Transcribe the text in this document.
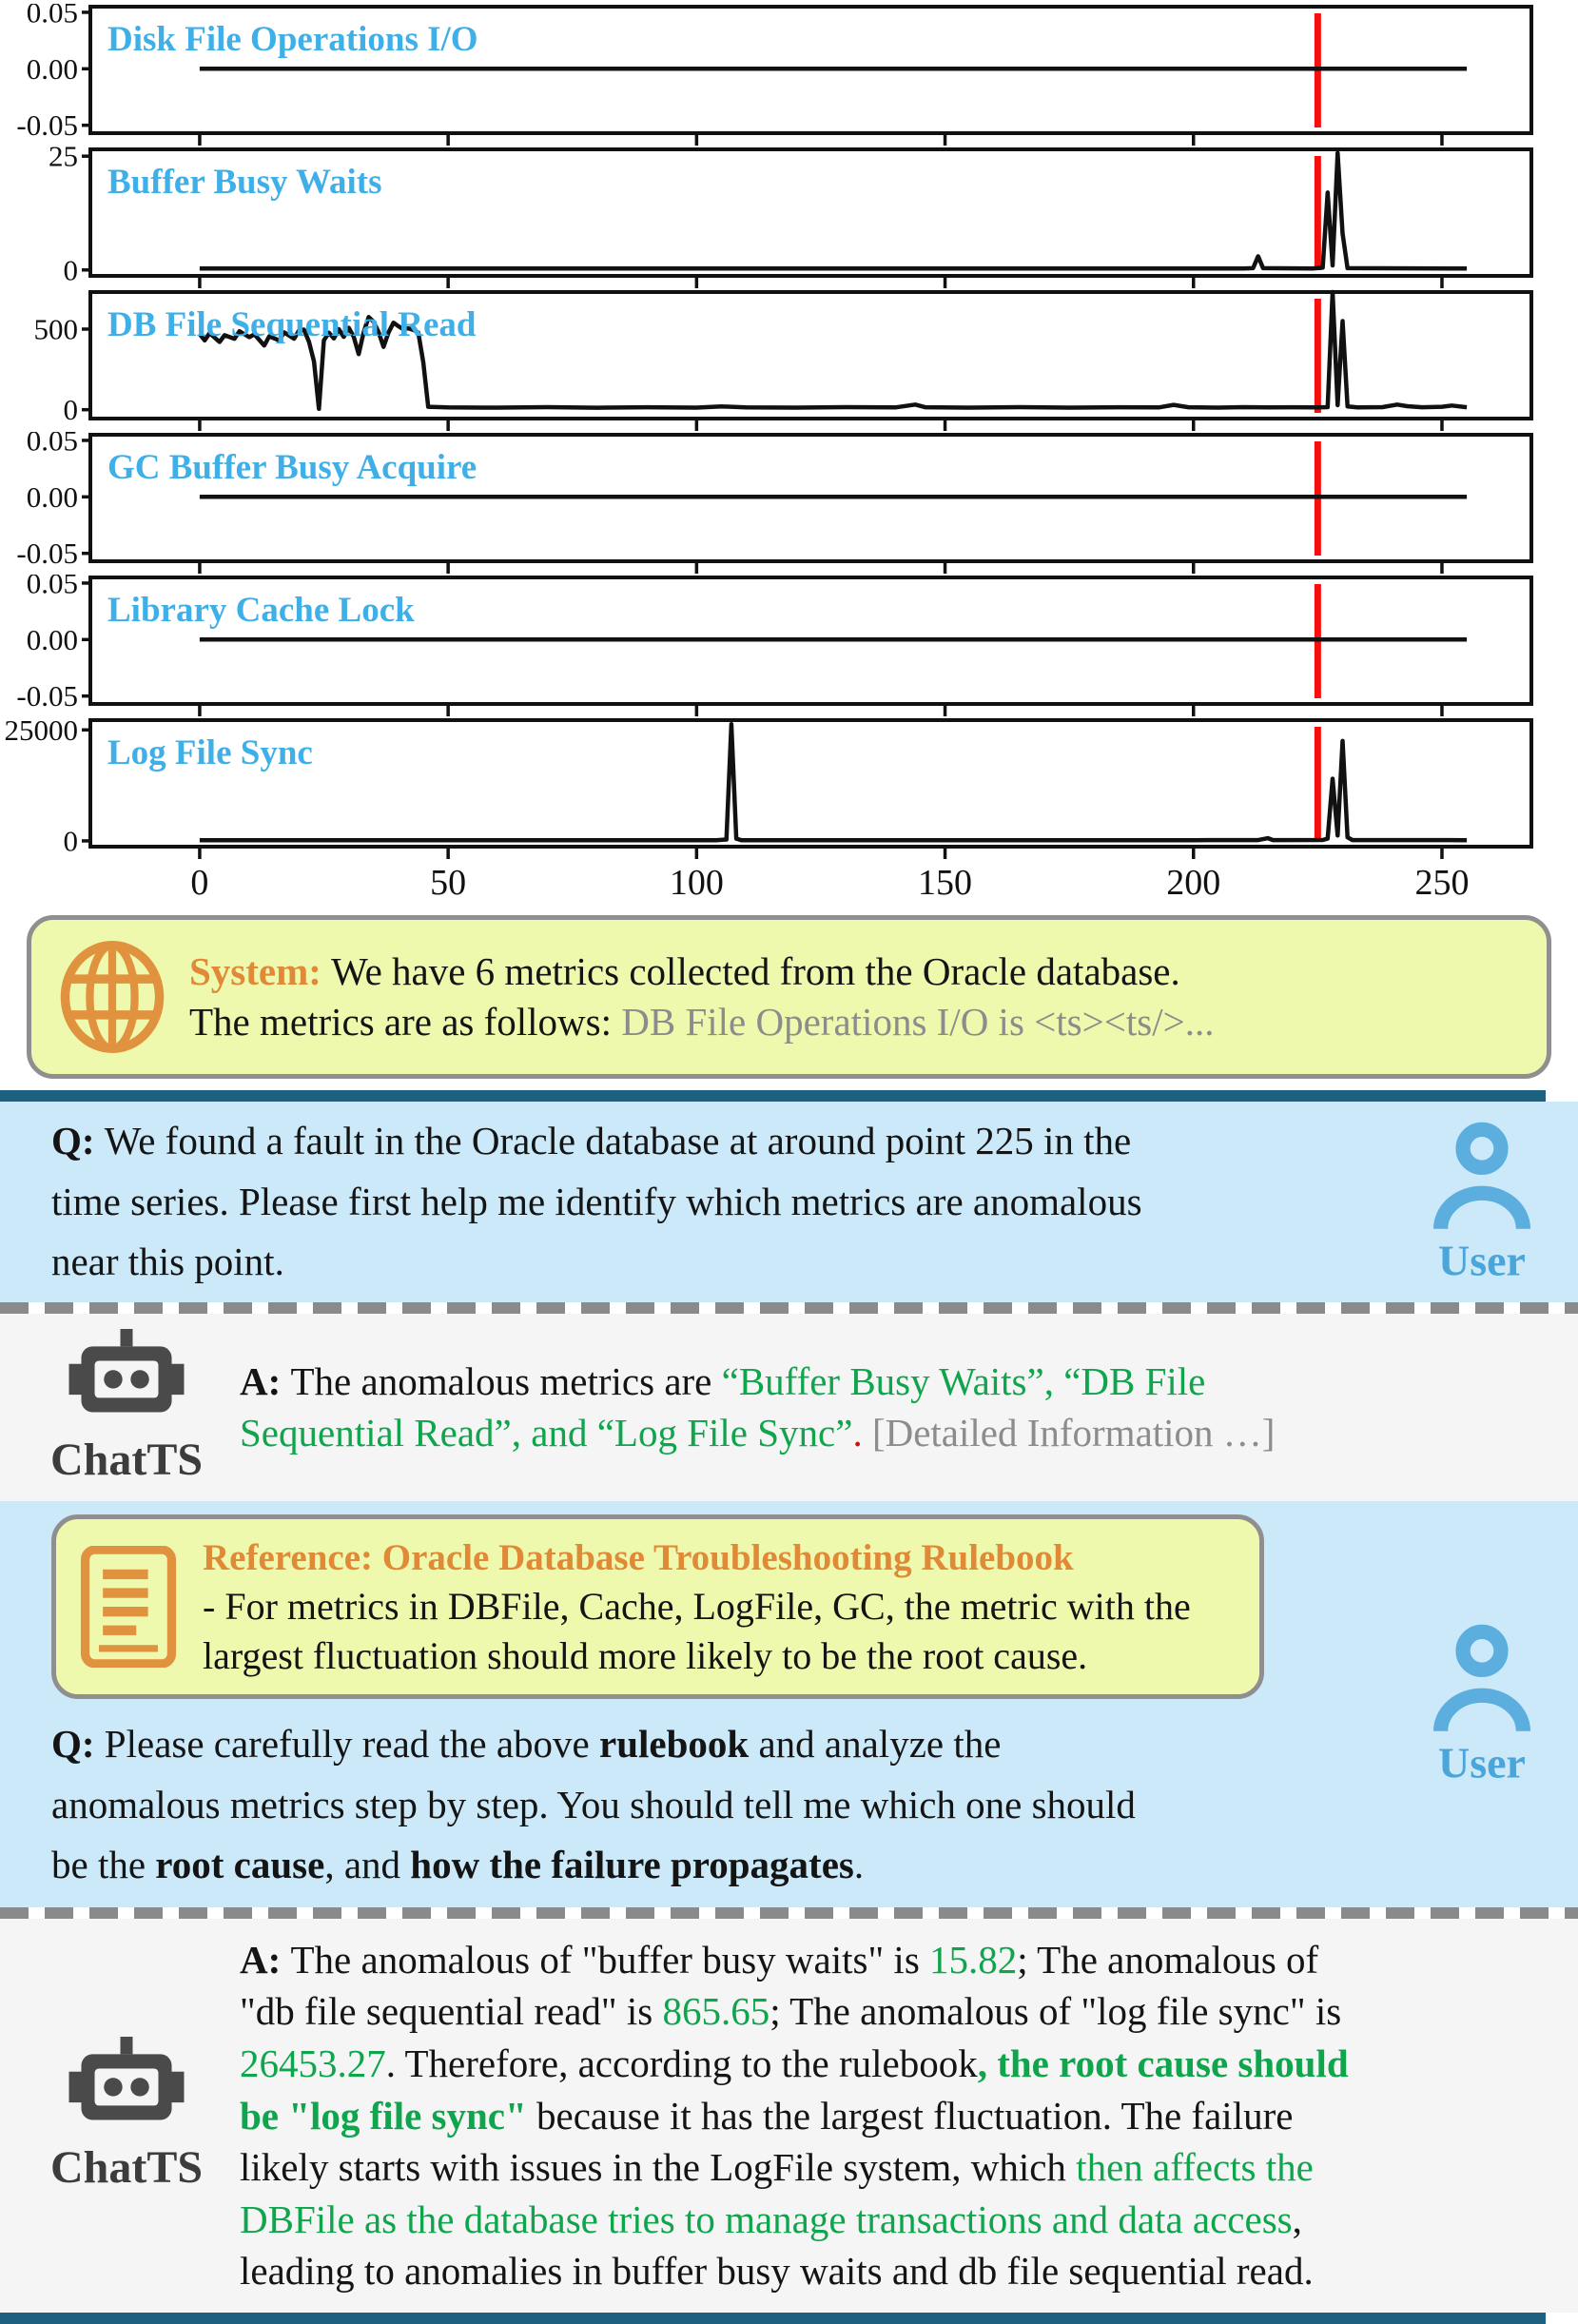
0.05
0.00
-0.05
Disk File Operations I/O
25
0
Buffer Busy Waits
500
0
DB File Sequential Read
0.05
0.00
-0.05
GC Buffer Busy Acquire
0.05
0.00
-0.05
Library Cache Lock
25000
0
0	50	100	150	200	250
Log File Sync
System: We have 6 metrics collected from the Oracle database.
The metrics are as follows: DB File Operations I/O is <ts><ts/>...
Q: We found a fault in the Oracle database at around point 225 in the
time series. Please first help me identify which metrics are anomalous
near this point.	User
ChatTS
A: The anomalous metrics are “Buffer Busy Waits”, “DB File
Sequential Read”, and “Log File Sync”. [Detailed Information …]
Reference: Oracle Database Troubleshooting Rulebook
- For metrics in DBFile, Cache, LogFile, GC, the metric with the
largest fluctuation should more likely to be the root cause.
Q: Please carefully read the above rulebook and analyze the
anomalous metrics step by step. You should tell me which one should
be the root cause, and how the failure propagates.
User
ChatTS
A: The anomalous of "buffer busy waits" is 15.82; The anomalous of
"db file sequential read" is 865.65; The anomalous of "log file sync" is
26453.27. Therefore, according to the rulebook, the root cause should
be "log file sync" because it has the largest fluctuation. The failure
likely starts with issues in the LogFile system, which then affects the
DBFile as the database tries to manage transactions and data access,
leading to anomalies in buffer busy waits and db file sequential read.
